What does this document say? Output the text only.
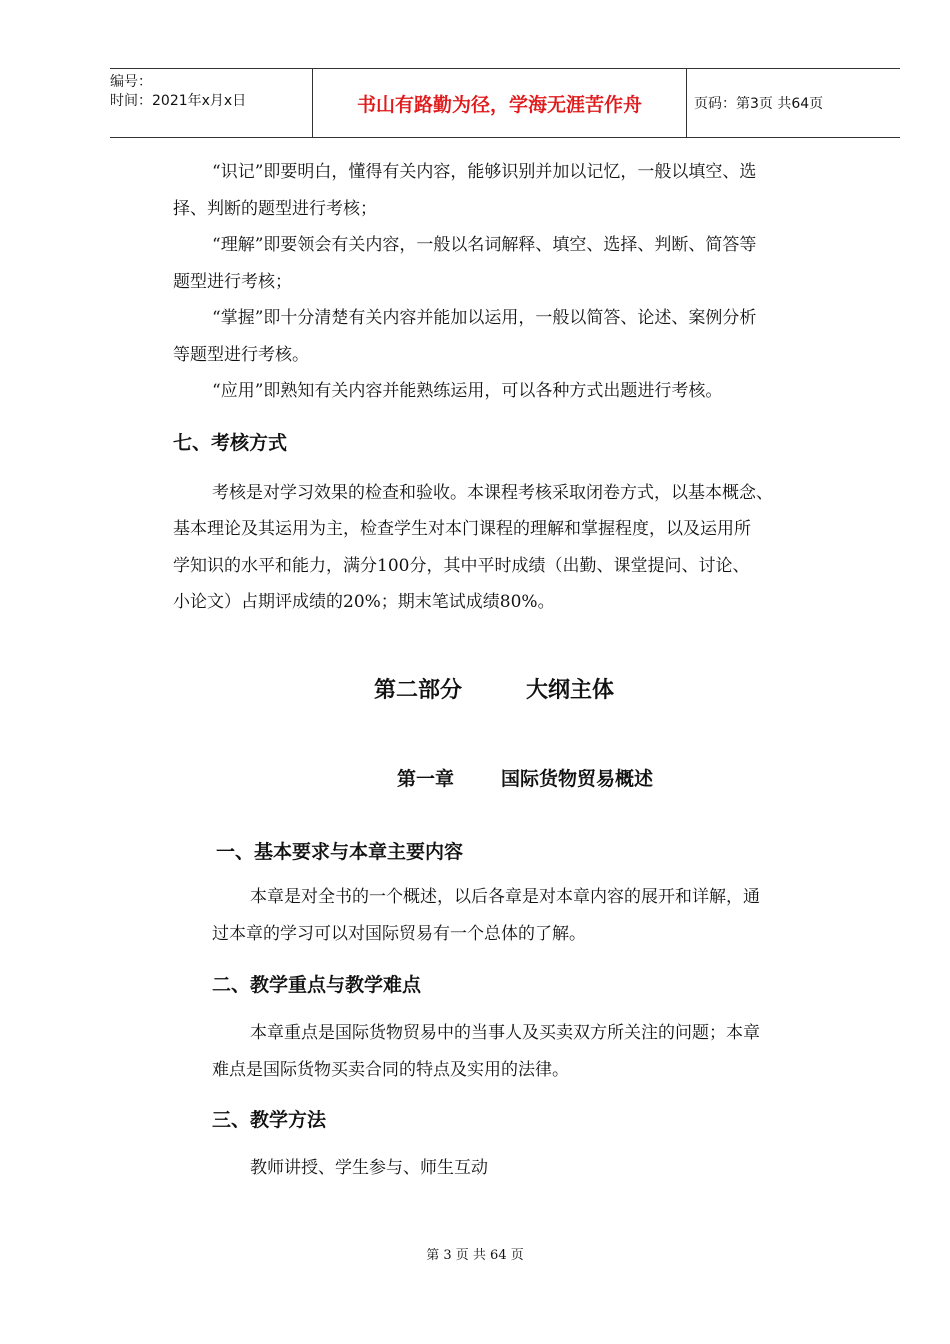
编号：
时间：2021年x月x日	书山有路勤为径，学海无涯苦作舟	页码：第3页 共64页
“识记”即要明白，懂得有关内容，能够识别并加以记忆，一般以填空、选
择、判断的题型进行考核；
“理解”即要领会有关内容，一般以名词解释、填空、选择、判断、简答等
题型进行考核；
“掌握”即十分清楚有关内容并能加以运用，一般以简答、论述、案例分析
等题型进行考核。
“应用”即熟知有关内容并能熟练运用，可以各种方式出题进行考核。
七、考核方式
考核是对学习效果的检查和验收。本课程考核采取闭卷方式，以基本概念、
基本理论及其运用为主，检查学生对本门课程的理解和掌握程度，以及运用所
学知识的水平和能力，满分100分，其中平时成绩（出勤、课堂提问、讨论、
小论文）占期评成绩的20%；期末笔试成绩80%。
第二部分	大纲主体
第一章 国际货物贸易概述
一、基本要求与本章主要内容
本章是对全书的一个概述，以后各章是对本章内容的展开和详解，通
过本章的学习可以对国际贸易有一个总体的了解。
二、教学重点与教学难点
本章重点是国际货物贸易中的当事人及买卖双方所关注的问题；本章
难点是国际货物买卖合同的特点及实用的法律。
三、教学方法
教师讲授、学生参与、师生互动
第 3 页 共 64 页
